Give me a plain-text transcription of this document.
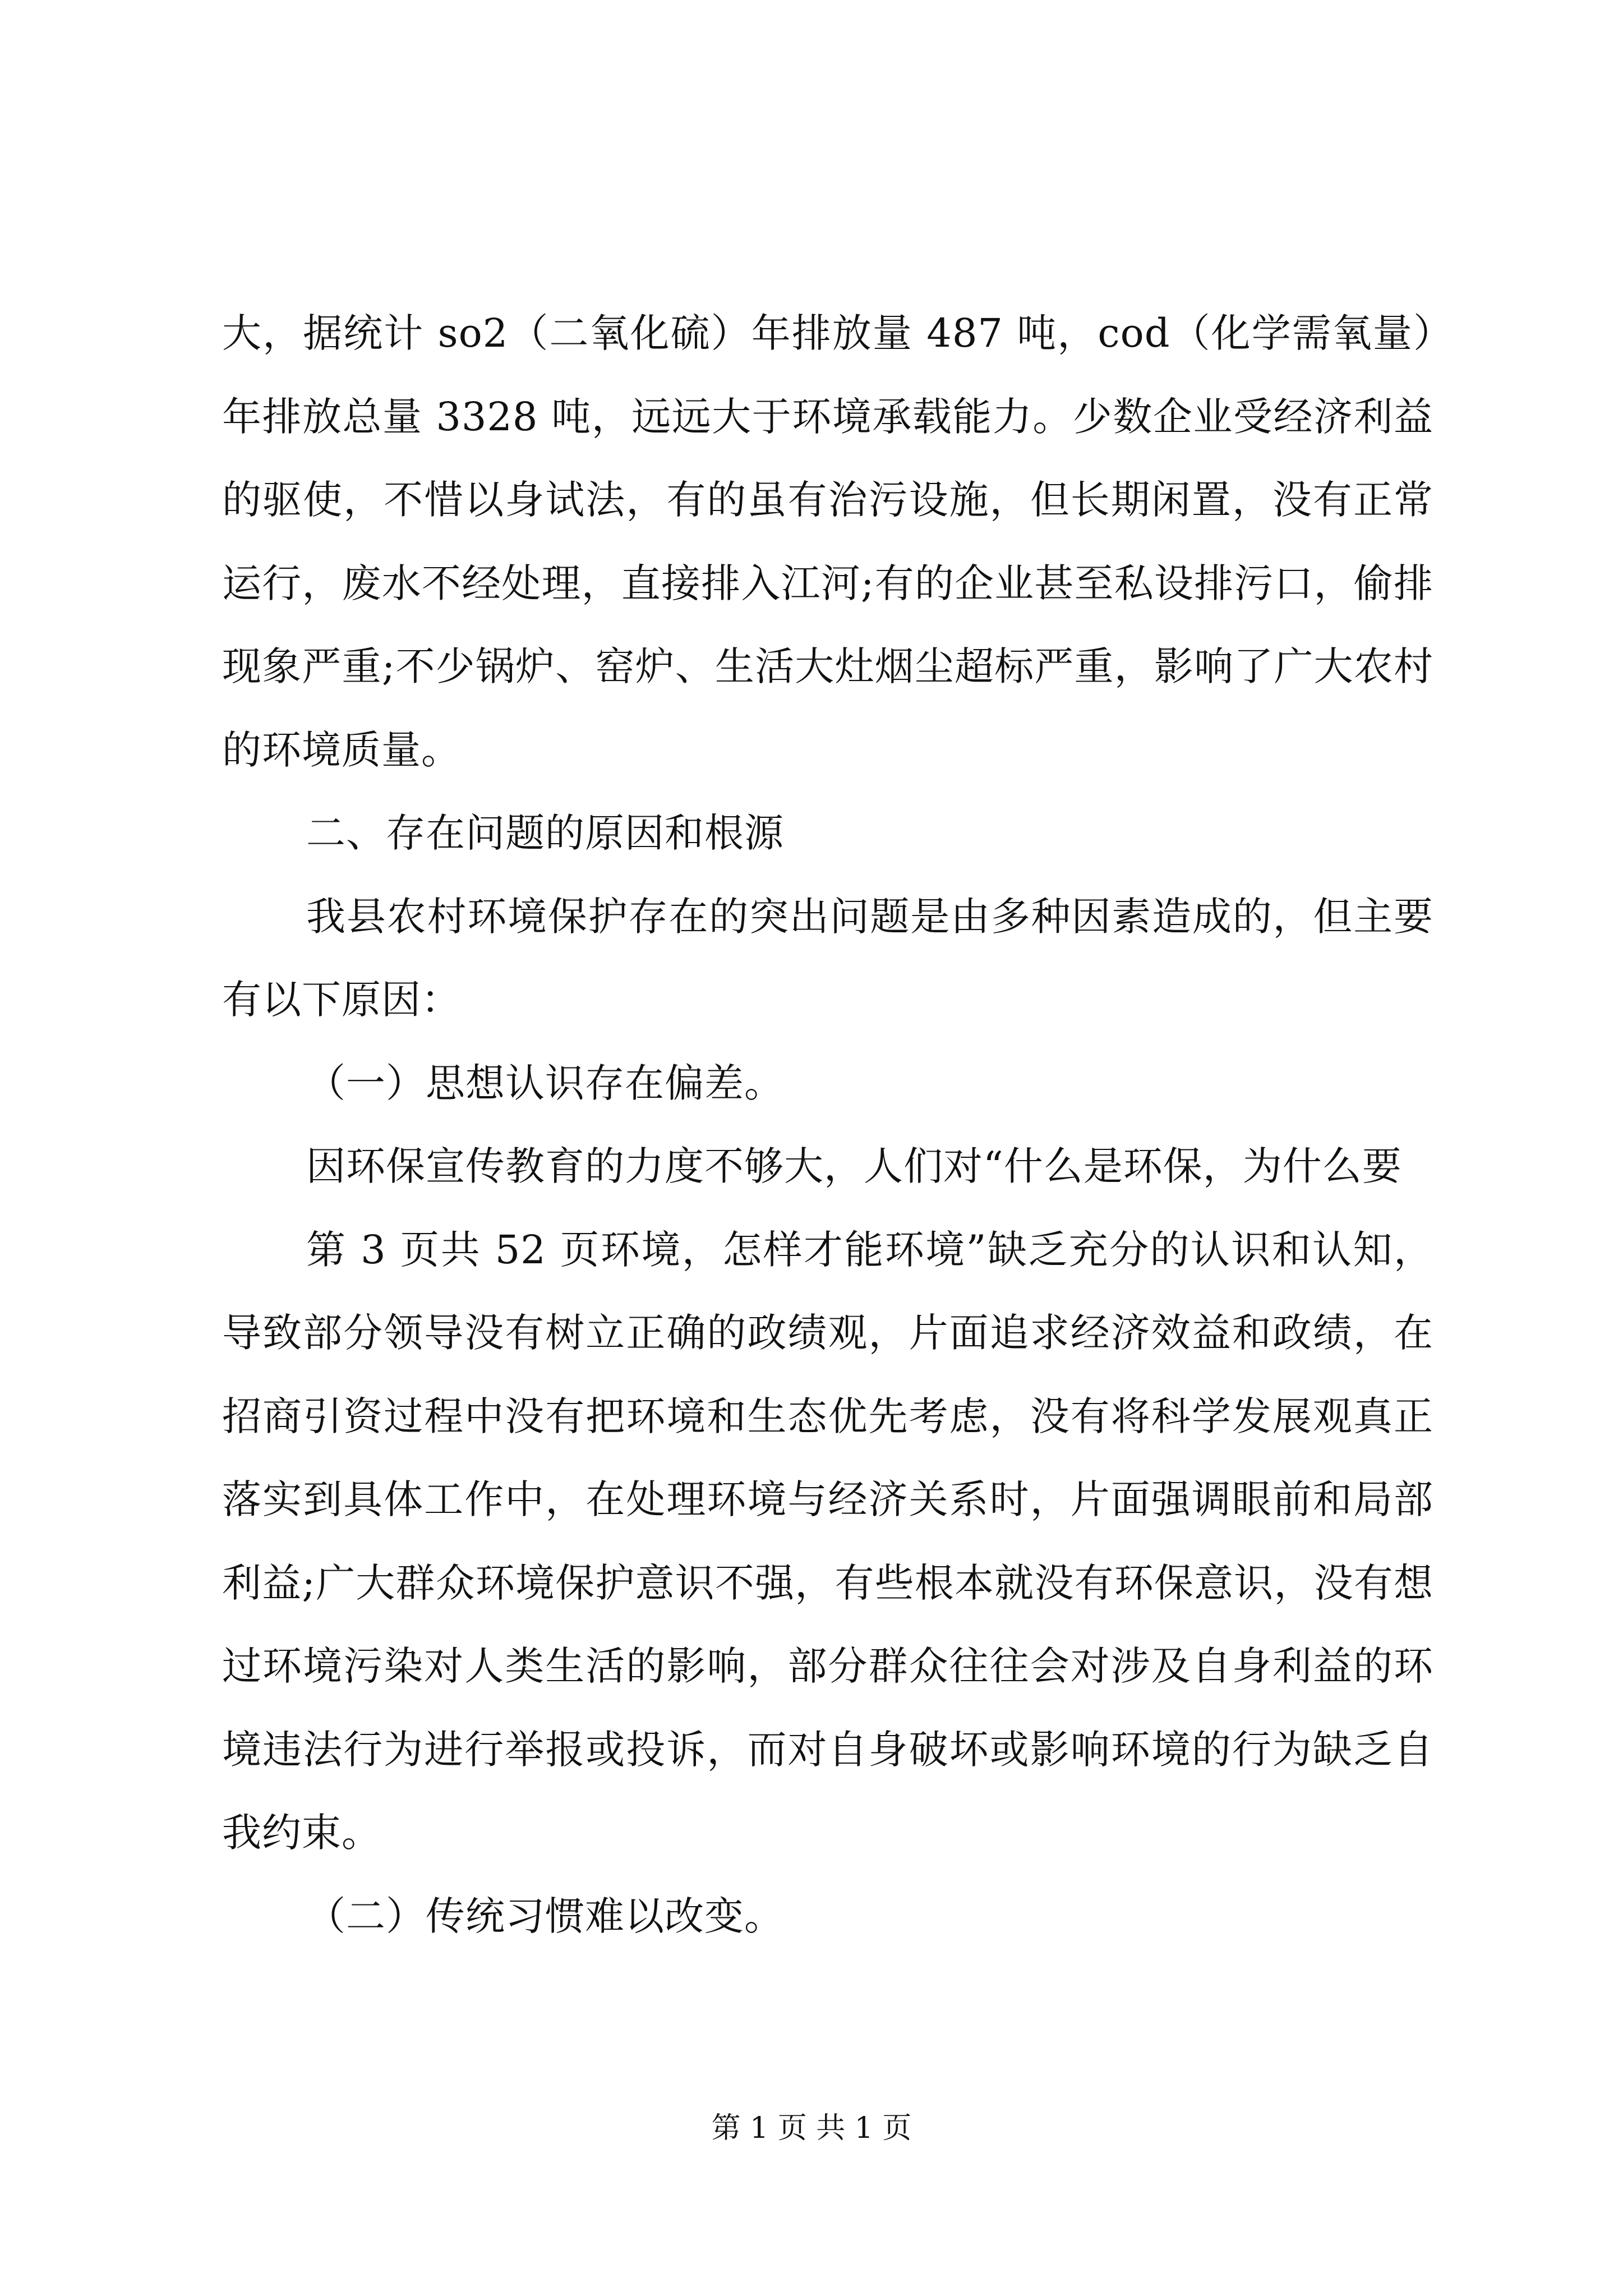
大，据统计 so2（二氧化硫）年排放量 487 吨，cod（化学需氧量）年排放总量 3328 吨，远远大于环境承载能力。少数企业受经济利益的驱使，不惜以身试法，有的虽有治污设施，但长期闲置，没有正常运行，废水不经处理，直接排入江河;有的企业甚至私设排污口，偷排现象严重;不少锅炉、窑炉、生活大灶烟尘超标严重，影响了广大农村的环境质量。

二、存在问题的原因和根源

我县农村环境保护存在的突出问题是由多种因素造成的，但主要有以下原因：

（一）思想认识存在偏差。

因环保宣传教育的力度不够大，人们对“什么是环保，为什么要

第 3 页共 52 页环境，怎样才能环境”缺乏充分的认识和认知，导致部分领导没有树立正确的政绩观，片面追求经济效益和政绩，在招商引资过程中没有把环境和生态优先考虑，没有将科学发展观真正落实到具体工作中，在处理环境与经济关系时，片面强调眼前和局部利益;广大群众环境保护意识不强，有些根本就没有环保意识，没有想过环境污染对人类生活的影响，部分群众往往会对涉及自身利益的环境违法行为进行举报或投诉，而对自身破坏或影响环境的行为缺乏自我约束。

（二）传统习惯难以改变。

第 1 页 共 1 页
